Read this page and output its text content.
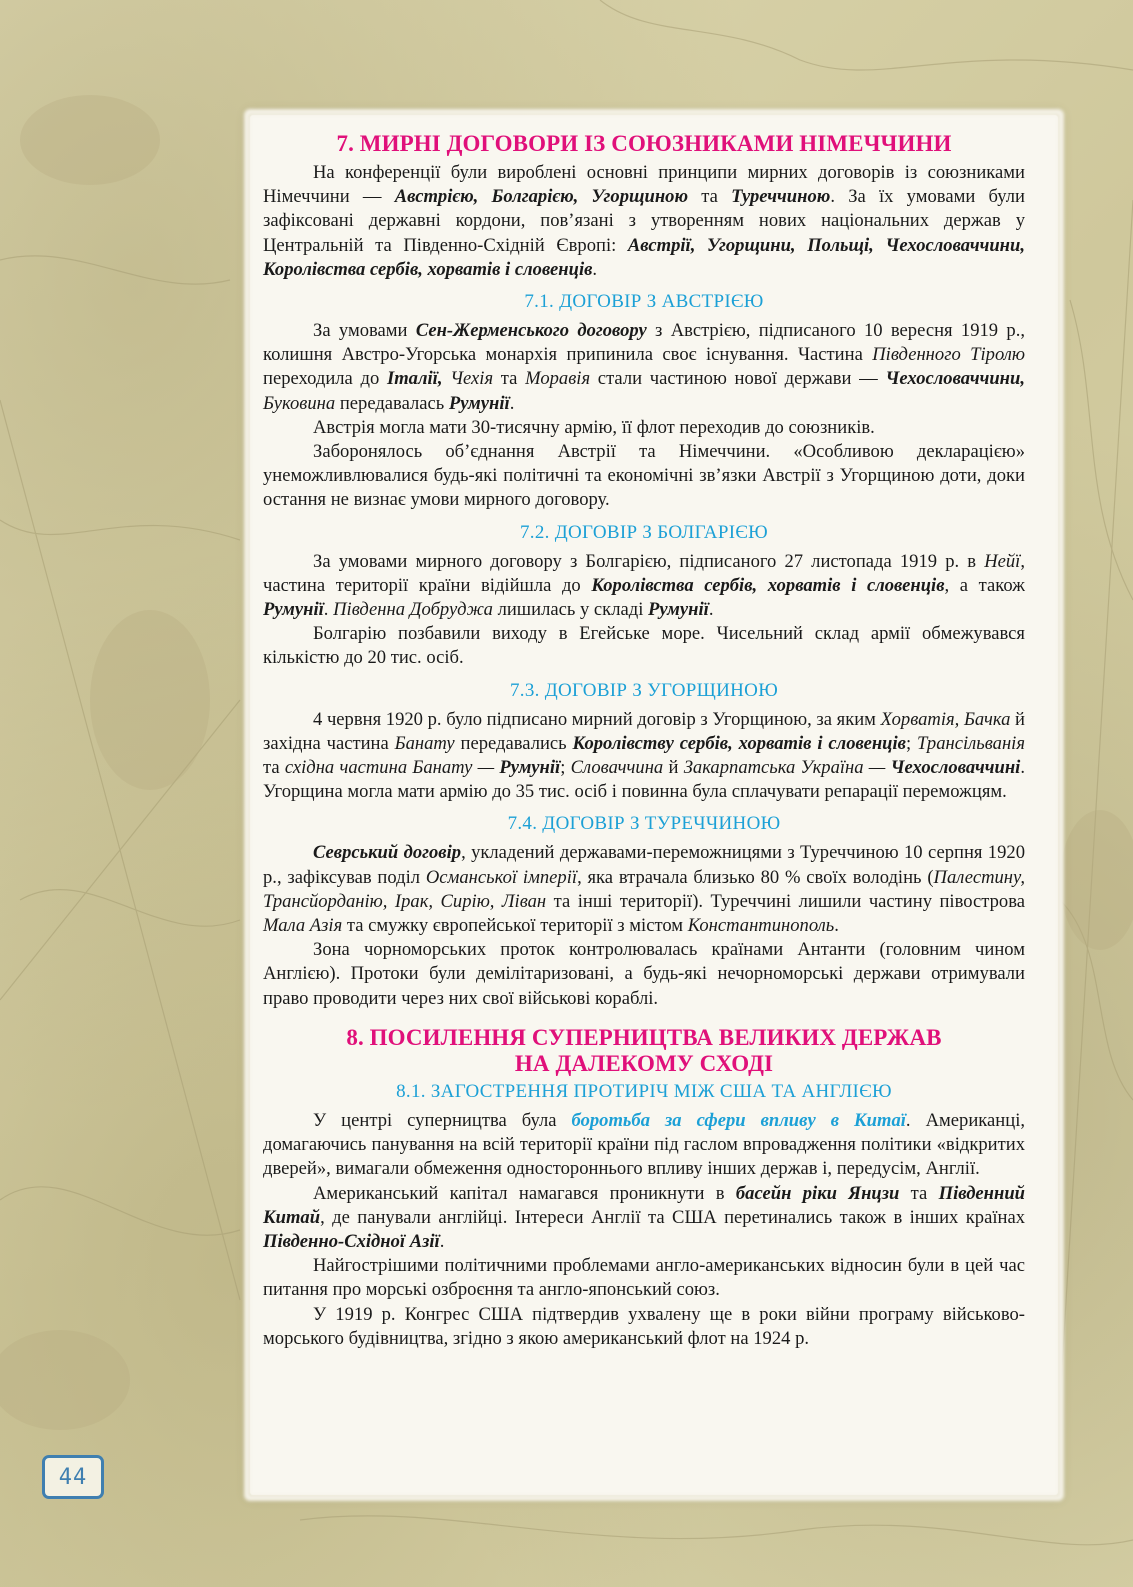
7. МИРНІ ДОГОВОРИ ІЗ СОЮЗНИКАМИ НІМЕЧЧИНИ

На конференції були вироблені основні принципи мирних договорів із союзниками Німеччини — Австрією, Болгарією, Угорщиною та Туреччиною. За їх умовами були зафіксовані державні кордони, пов’язані з утворенням нових національних держав у Центральній та Південно-Східній Європі: Австрії, Угорщини, Польщі, Чехословаччини, Королівства сербів, хорватів і словенців.

7.1. ДОГОВІР З АВСТРІЄЮ

За умовами Сен-Жерменського договору з Австрією, підписаного 10 вересня 1919 р., колишня Австро-Угорська монархія припинила своє існування. Частина Південного Тіролю переходила до Італії, Чехія та Моравія стали частиною нової держави — Чехословаччини, Буковина передавалась Румунії.

Австрія могла мати 30-тисячну армію, її флот переходив до союзників.

Заборонялось об’єднання Австрії та Німеччини. «Особливою декларацією» унеможливлювалися будь-які політичні та економічні зв’язки Австрії з Угорщиною доти, доки остання не визнає умови мирного договору.

7.2. ДОГОВІР З БОЛГАРІЄЮ

За умовами мирного договору з Болгарією, підписаного 27 листопада 1919 р. в Нейї, частина території країни відійшла до Королівства сербів, хорватів і словенців, а також Румунії. Південна Добруджа лишилась у складі Румунії.

Болгарію позбавили виходу в Егейське море. Чисельний склад армії обмежувався кількістю до 20 тис. осіб.

7.3. ДОГОВІР З УГОРЩИНОЮ

4 червня 1920 р. було підписано мирний договір з Угорщиною, за яким Хорватія, Бачка й західна частина Банату передавались Королівству сербів, хорватів і словенців; Трансільванія та східна частина Банату — Румунії; Словаччина й Закарпатська Україна — Чехословаччині. Угорщина могла мати армію до 35 тис. осіб і повинна була сплачувати репарації переможцям.

7.4. ДОГОВІР З ТУРЕЧЧИНОЮ

Севрський договір, укладений державами-переможницями з Туреччиною 10 серпня 1920 р., зафіксував поділ Османської імперії, яка втрачала близько 80 % своїх володінь (Палестину, Трансйорданію, Ірак, Сирію, Ліван та інші території). Туреччині лишили частину півострова Мала Азія та смужку європейської території з містом Константинополь.

Зона чорноморських проток контролювалась країнами Антанти (головним чином Англією). Протоки були демілітаризовані, а будь-які нечорноморські держави отримували право проводити через них свої військові кораблі.

8. ПОСИЛЕННЯ СУПЕРНИЦТВА ВЕЛИКИХ ДЕРЖАВ
НА ДАЛЕКОМУ СХОДІ
8.1. ЗАГОСТРЕННЯ ПРОТИРІЧ МІЖ США ТА АНГЛІЄЮ

У центрі суперництва була боротьба за сфери впливу в Китаї. Американці, домагаючись панування на всій території країни під гаслом впровадження політики «відкритих дверей», вимагали обмеження одностороннього впливу інших держав і, передусім, Англії.

Американський капітал намагався проникнути в басейн ріки Янцзи та Південний Китай, де панували англійці. Інтереси Англії та США перетинались також в інших країнах Південно-Східної Азії.

Найгострішими політичними проблемами англо-американських відносин були в цей час питання про морські озброєння та англо-японський союз.

У 1919 р. Конгрес США підтвердив ухвалену ще в роки війни програму військово-морського будівництва, згідно з якою американський флот на 1924 р.

44
